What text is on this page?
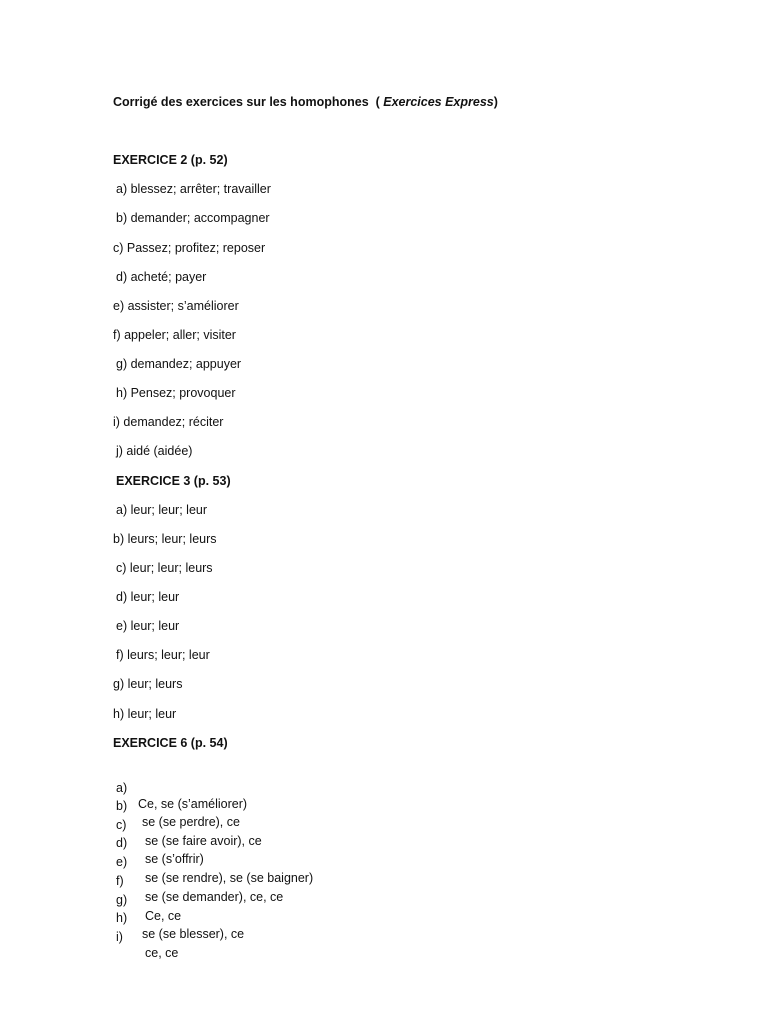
Corrigé des exercices sur les homophones  ( Exercices Express)
EXERCICE 2 (p. 52)
a) blessez; arrêter; travailler
b) demander; accompagner
c) Passez; profitez; reposer
d) acheté; payer
e) assister; s’améliorer
f) appeler; aller; visiter
g) demandez; appuyer
h) Pensez; provoquer
i) demandez; réciter
j) aidé (aidée)
EXERCICE 3 (p. 53)
a) leur; leur; leur
b) leurs; leur; leurs
c) leur; leur; leurs
d) leur; leur
e) leur; leur
f) leurs; leur; leur
g) leur; leurs
h) leur; leur
EXERCICE 6 (p. 54)

a)

Ce, se (s’améliorer)

b)

se (se perdre), ce

c)

se (se faire avoir), ce

d)

se (s’offrir)

e)

se (se rendre), se (se baigner)

f)

se (se demander), ce, ce

g)

Ce, ce

h)

se (se blesser), ce

i)

ce, ce
